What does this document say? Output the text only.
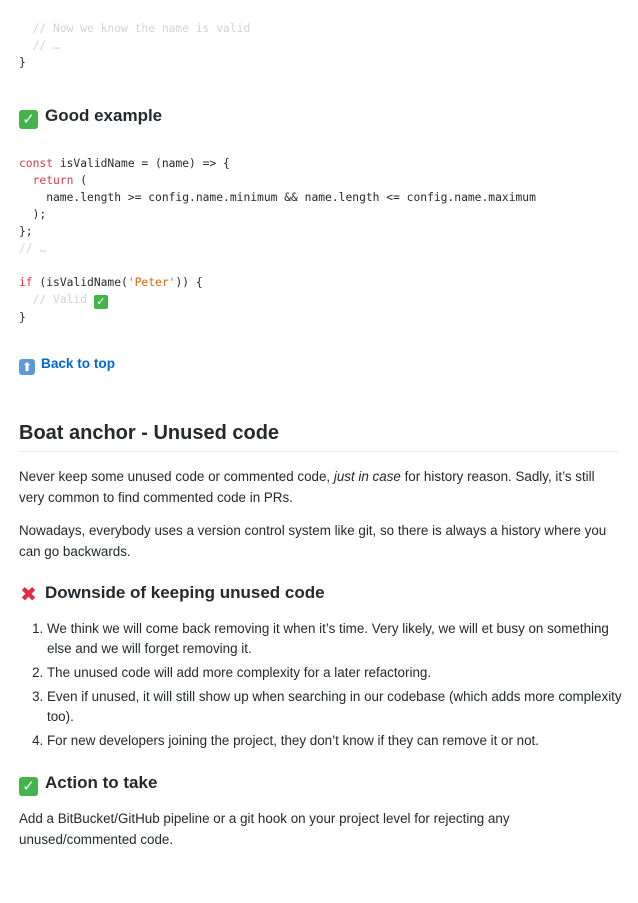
// Now we know the name is valid
// …
}
✓ Good example
const isValidName = (name) => {
return (
name.length >= config.name.minimum && name.length <= config.name.maximum
);
};
// …

if (isValidName('Peter')) {
// Valid ✓
}
⬆ Back to top
Boat anchor - Unused code
Never keep some unused code or commented code, just in case for history reason. Sadly, it’s still very common to find commented code in PRs.
Nowadays, everybody uses a version control system like git, so there is always a history where you can go backwards.
✖ Downside of keeping unused code
1. We think we will come back removing it when it’s time. Very likely, we will et busy on something else and we will forget removing it.
2. The unused code will add more complexity for a later refactoring.
3. Even if unused, it will still show up when searching in our codebase (which adds more complexity too).
4. For new developers joining the project, they don’t know if they can remove it or not.
✓ Action to take
Add a BitBucket/GitHub pipeline or a git hook on your project level for rejecting any unused/commented code.
